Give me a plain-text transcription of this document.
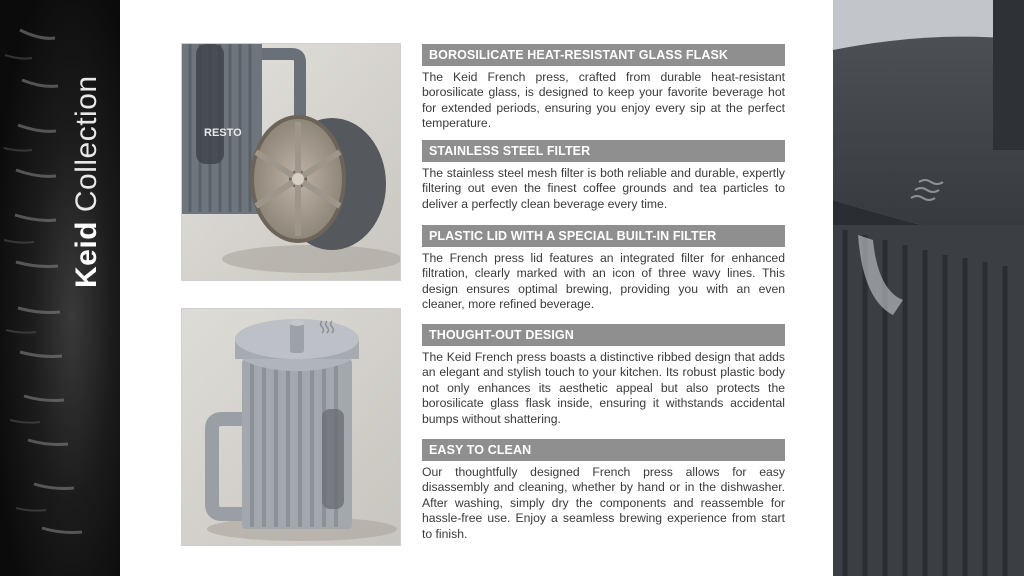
Keid Collection	RESTO
BOROSILICATE HEAT-RESISTANT GLASS FLASK

The Keid French press, crafted from durable heat-resistant borosilicate glass, is designed to keep your favorite beverage hot for extended periods, ensuring you enjoy every sip at the perfect temperature.

STAINLESS STEEL FILTER

The stainless steel mesh filter is both reliable and durable, expertly filtering out even the finest coffee grounds and tea particles to deliver a perfectly clean beverage every time.

PLASTIC LID WITH A SPECIAL BUILT-IN FILTER

The French press lid features an integrated filter for enhanced filtration, clearly marked with an icon of three wavy lines. This design ensures optimal brewing, providing you with an even cleaner, more refined beverage.

THOUGHT-OUT DESIGN

The Keid French press boasts a distinctive ribbed design that adds an elegant and stylish touch to your kitchen. Its robust plastic body not only enhances its aesthetic appeal but also protects the borosilicate glass flask inside, ensuring it withstands accidental bumps without shattering.

EASY TO CLEAN

Our thoughtfully designed French press allows for easy disassembly and cleaning, whether by hand or in the dishwasher. After washing, simply dry the components and reassemble for hassle-free use. Enjoy a seamless brewing experience from start to finish.
